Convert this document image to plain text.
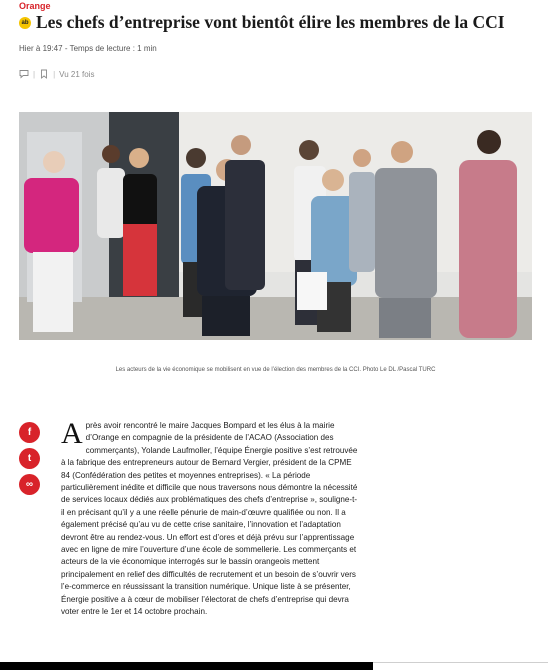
Orange
ab Les chefs d’entreprise vont bientôt élire les membres de la CCI
Hier à 19:47 - Temps de lecture : 1 min
| | Vu 21 fois
Les acteurs de la vie économique se mobilisent en vue de l’élection des membres de la CCI. Photo Le DL /Pascal TURC
f
t
∞

Après avoir rencontré le maire Jacques Bompard et les élus à la mairie d’Orange en compagnie de la présidente de l’ACAO (Association des commerçants), Yolande Laufmoller, l’équipe Énergie positive s’est retrouvée à la fabrique des entrepreneurs autour de Bernard Vergier, président de la CPME 84 (Confédération des petites et moyennes entreprises). « La période particulièrement inédite et difficile que nous traversons nous démontre la nécessité de services locaux dédiés aux problématiques des chefs d’entreprise », souligne-t-il en précisant qu’il y a une réelle pénurie de main-d’œuvre qualifiée ou non. Il a également précisé qu’au vu de cette crise sanitaire, l’innovation et l’adaptation devront être au rendez-vous. Un effort est d’ores et déjà prévu sur l’apprentissage avec en ligne de mire l’ouverture d’une école de sommellerie. Les commerçants et acteurs de la vie économique interrogés sur le bassin orangeois mettent principalement en relief des difficultés de recrutement et un besoin de s’ouvrir vers l’e-commerce en réussissant la transition numérique. Unique liste à se présenter, Énergie positive a à cœur de mobiliser l’électorat de chefs d’entreprise qui devra voter entre le 1er et 14 octobre prochain.
